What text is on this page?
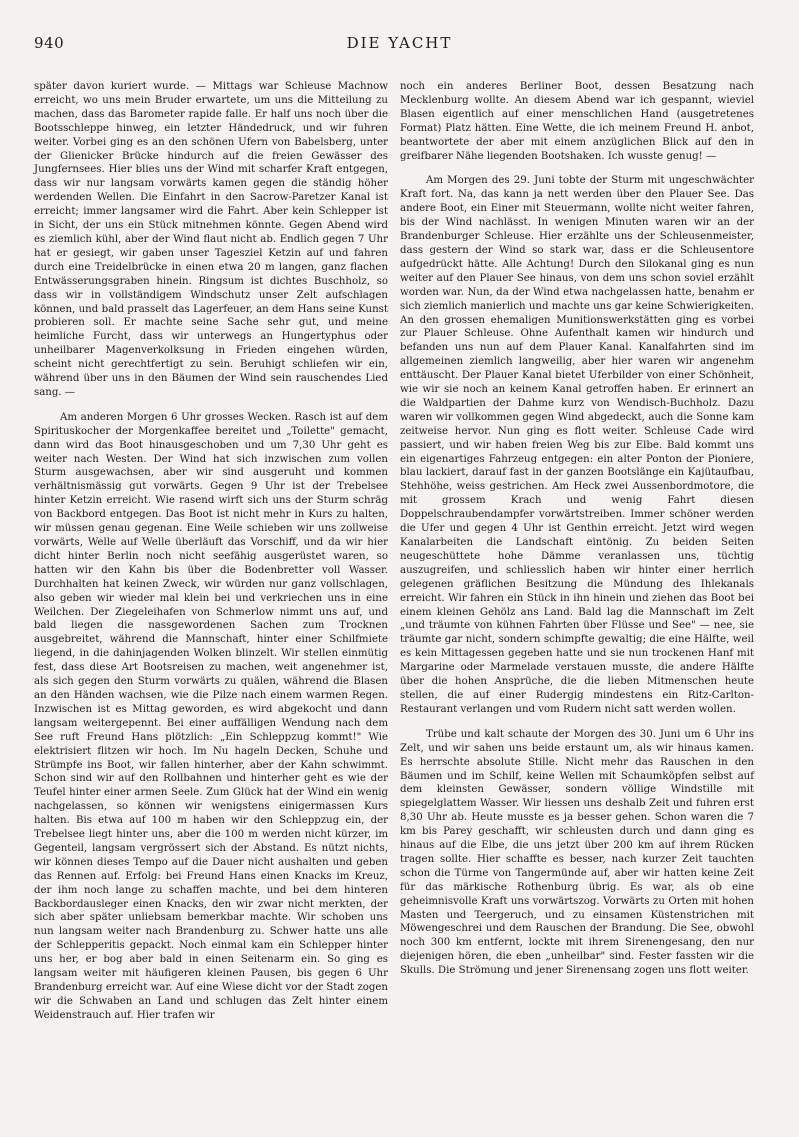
940	DIE YACHT

später davon kuriert wurde. — Mittags war Schleuse Machnow erreicht, wo uns mein Bruder erwartete, um uns die Mitteilung zu machen, dass das Barometer rapide falle. Er half uns noch über die Bootsschleppe hinweg, ein letzter Händedruck, und wir fuhren weiter. Vorbei ging es an den schönen Ufern von Babelsberg, unter der Glienicker Brücke hindurch auf die freien Gewässer des Jungfernsees. Hier blies uns der Wind mit scharfer Kraft entgegen, dass wir nur langsam vorwärts kamen gegen die ständig höher werdenden Wellen. Die Einfahrt in den Sacrow-Paretzer Kanal ist erreicht; immer langsamer wird die Fahrt. Aber kein Schlepper ist in Sicht, der uns ein Stück mitnehmen könnte. Gegen Abend wird es ziemlich kühl, aber der Wind flaut nicht ab. Endlich gegen 7 Uhr hat er gesiegt, wir gaben unser Tagesziel Ketzin auf und fahren durch eine Treidelbrücke in einen etwa 20 m langen, ganz flachen Entwässerungsgraben hinein. Ringsum ist dichtes Buschholz, so dass wir in vollständigem Windschutz unser Zelt aufschlagen können, und bald prasselt das Lagerfeuer, an dem Hans seine Kunst probieren soll. Er machte seine Sache sehr gut, und meine heimliche Furcht, dass wir unterwegs an Hungertyphus oder unheilbarer Magenverkolksung in Frieden eingehen würden, scheint nicht gerechtfertigt zu sein. Beruhigt schliefen wir ein, während über uns in den Bäumen der Wind sein rauschendes Lied sang. —

Am anderen Morgen 6 Uhr grosses Wecken. Rasch ist auf dem Spirituskocher der Morgenkaffee bereitet und „Toilette" gemacht, dann wird das Boot hinausgeschoben und um 7,30 Uhr geht es weiter nach Westen. Der Wind hat sich inzwischen zum vollen Sturm ausgewachsen, aber wir sind ausgeruht und kommen verhältnismässig gut vorwärts. Gegen 9 Uhr ist der Trebelsee hinter Ketzin erreicht. Wie rasend wirft sich uns der Sturm schräg von Backbord entgegen. Das Boot ist nicht mehr in Kurs zu halten, wir müssen genau gegenan. Eine Weile schieben wir uns zollweise vorwärts, Welle auf Welle überläuft das Vorschiff, und da wir hier dicht hinter Berlin noch nicht seefähig ausgerüstet waren, so hatten wir den Kahn bis über die Bodenbretter voll Wasser. Durchhalten hat keinen Zweck, wir würden nur ganz vollschlagen, also geben wir wieder mal klein bei und verkriechen uns in eine Weilchen. Der Ziegeleihafen von Schmerlow nimmt uns auf, und bald liegen die nassgewordenen Sachen zum Trocknen ausgebreitet, während die Mannschaft, hinter einer Schilfmiete liegend, in die dahinjagenden Wolken blinzelt. Wir stellen einmütig fest, dass diese Art Bootsreisen zu machen, weit angenehmer ist, als sich gegen den Sturm vorwärts zu quälen, während die Blasen an den Händen wachsen, wie die Pilze nach einem warmen Regen. Inzwischen ist es Mittag geworden, es wird abgekocht und dann langsam weitergepennt. Bei einer auffälligen Wendung nach dem See ruft Freund Hans plötzlich: „Ein Schleppzug kommt!" Wie elektrisiert flitzen wir hoch. Im Nu hageln Decken, Schuhe und Strümpfe ins Boot, wir fallen hinterher, aber der Kahn schwimmt. Schon sind wir auf den Rollbahnen und hinterher geht es wie der Teufel hinter einer armen Seele. Zum Glück hat der Wind ein wenig nachgelassen, so können wir wenigstens einigermassen Kurs halten. Bis etwa auf 100 m haben wir den Schleppzug ein, der Trebelsee liegt hinter uns, aber die 100 m werden nicht kürzer, im Gegenteil, langsam vergrössert sich der Abstand. Es nützt nichts, wir können dieses Tempo auf die Dauer nicht aushalten und geben das Rennen auf. Erfolg: bei Freund Hans einen Knacks im Kreuz, der ihm noch lange zu schaffen machte, und bei dem hinteren Backbordausleger einen Knacks, den wir zwar nicht merkten, der sich aber später unliebsam bemerkbar machte. Wir schoben uns nun langsam weiter nach Brandenburg zu. Schwer hatte uns alle der Schlepperitis gepackt. Noch einmal kam ein Schlepper hinter uns her, er bog aber bald in einen Seitenarm ein. So ging es langsam weiter mit häufigeren kleinen Pausen, bis gegen 6 Uhr Brandenburg erreicht war. Auf eine Wiese dicht vor der Stadt zogen wir die Schwaben an Land und schlugen das Zelt hinter einem Weidenstrauch auf. Hier trafen wir

noch ein anderes Berliner Boot, dessen Besatzung nach Mecklenburg wollte. An diesem Abend war ich gespannt, wieviel Blasen eigentlich auf einer menschlichen Hand (ausgetretenes Format) Platz hätten. Eine Wette, die ich meinem Freund H. anbot, beantwortete der aber mit einem anzüglichen Blick auf den in greifbarer Nähe liegenden Bootshaken. Ich wusste genug! —

Am Morgen des 29. Juni tobte der Sturm mit ungeschwächter Kraft fort. Na, das kann ja nett werden über den Plauer See. Das andere Boot, ein Einer mit Steuermann, wollte nicht weiter fahren, bis der Wind nachlässt. In wenigen Minuten waren wir an der Brandenburger Schleuse. Hier erzählte uns der Schleusenmeister, dass gestern der Wind so stark war, dass er die Schleusentore aufgedrückt hätte. Alle Achtung! Durch den Silokanal ging es nun weiter auf den Plauer See hinaus, von dem uns schon soviel erzählt worden war. Nun, da der Wind etwa nachgelassen hatte, benahm er sich ziemlich manierlich und machte uns gar keine Schwierigkeiten. An den grossen ehemaligen Munitionswerkstätten ging es vorbei zur Plauer Schleuse. Ohne Aufenthalt kamen wir hindurch und befanden uns nun auf dem Plauer Kanal. Kanalfahrten sind im allgemeinen ziemlich langweilig, aber hier waren wir angenehm enttäuscht. Der Plauer Kanal bietet Uferbilder von einer Schönheit, wie wir sie noch an keinem Kanal getroffen haben. Er erinnert an die Waldpartien der Dahme kurz von Wendisch-Buchholz. Dazu waren wir vollkommen gegen Wind abgedeckt, auch die Sonne kam zeitweise hervor. Nun ging es flott weiter. Schleuse Cade wird passiert, und wir haben freien Weg bis zur Elbe. Bald kommt uns ein eigenartiges Fahrzeug entgegen: ein alter Ponton der Pioniere, blau lackiert, darauf fast in der ganzen Bootslänge ein Kajütaufbau, Stehhöhe, weiss gestrichen. Am Heck zwei Aussenbordmotore, die mit grossem Krach und wenig Fahrt diesen Doppelschraubendampfer vorwärtstreiben. Immer schöner werden die Ufer und gegen 4 Uhr ist Genthin erreicht. Jetzt wird wegen Kanalarbeiten die Landschaft eintönig. Zu beiden Seiten neugeschüttete hohe Dämme veranlassen uns, tüchtig auszugreifen, und schliesslich haben wir hinter einer herrlich gelegenen gräflichen Besitzung die Mündung des Ihlekanals erreicht. Wir fahren ein Stück in ihn hinein und ziehen das Boot bei einem kleinen Gehölz ans Land. Bald lag die Mannschaft im Zelt „und träumte von kühnen Fahrten über Flüsse und See" — nee, sie träumte gar nicht, sondern schimpfte gewaltig; die eine Hälfte, weil es kein Mittagessen gegeben hatte und sie nun trockenen Hanf mit Margarine oder Marmelade verstauen musste, die andere Hälfte über die hohen Ansprüche, die die lieben Mitmenschen heute stellen, die auf einer Rudergig mindestens ein Ritz-Carlton-Restaurant verlangen und vom Rudern nicht satt werden wollen.

Trübe und kalt schaute der Morgen des 30. Juni um 6 Uhr ins Zelt, und wir sahen uns beide erstaunt um, als wir hinaus kamen. Es herrschte absolute Stille. Nicht mehr das Rauschen in den Bäumen und im Schilf, keine Wellen mit Schaumköpfen selbst auf dem kleinsten Gewässer, sondern völlige Windstille mit spiegelglattem Wasser. Wir liessen uns deshalb Zeit und fuhren erst 8,30 Uhr ab. Heute musste es ja besser gehen. Schon waren die 7 km bis Parey geschafft, wir schleusten durch und dann ging es hinaus auf die Elbe, die uns jetzt über 200 km auf ihrem Rücken tragen sollte. Hier schaffte es besser, nach kurzer Zeit tauchten schon die Türme von Tangermünde auf, aber wir hatten keine Zeit für das märkische Rothenburg übrig. Es war, als ob eine geheimnisvolle Kraft uns vorwärtszog. Vorwärts zu Orten mit hohen Masten und Teergeruch, und zu einsamen Küstenstrichen mit Möwengeschrei und dem Rauschen der Brandung. Die See, obwohl noch 300 km entfernt, lockte mit ihrem Sirenengesang, den nur diejenigen hören, die eben „unheilbar" sind. Fester fassten wir die Skulls. Die Strömung und jener Sirenensang zogen uns flott weiter.
